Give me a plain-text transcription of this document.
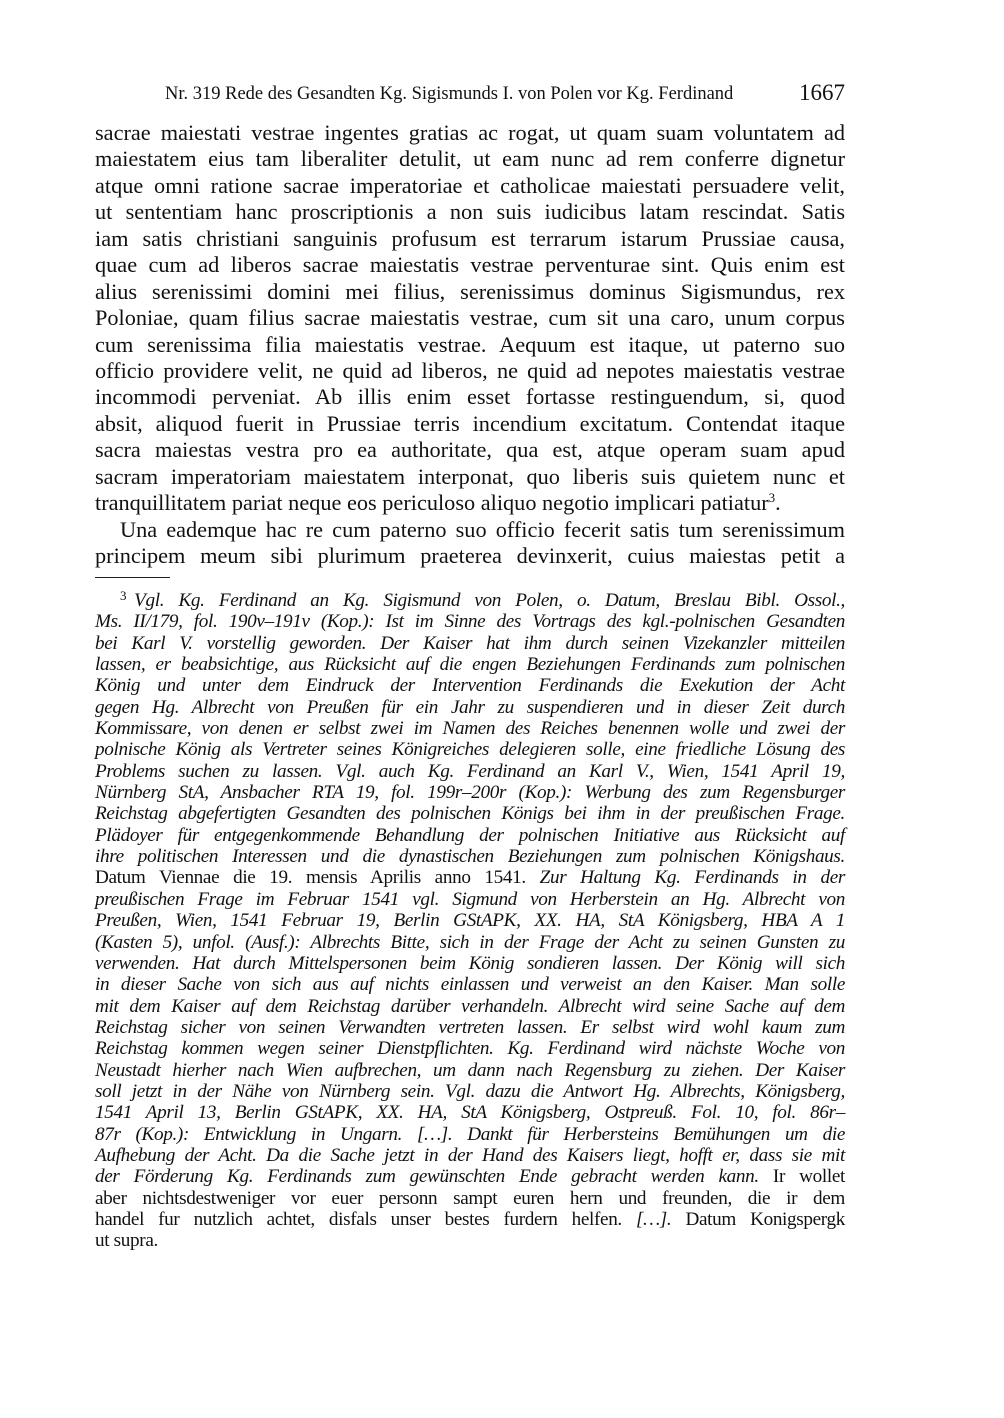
Nr. 319 Rede des Gesandten Kg. Sigismunds I. von Polen vor Kg. Ferdinand	1667
sacrae maiestati vestrae ingentes gratias ac rogat, ut quam suam voluntatem ad
maiestatem eius tam liberaliter detulit, ut eam nunc ad rem conferre dignetur
atque omni ratione sacrae imperatoriae et catholicae maiestati persuadere velit,
ut sententiam hanc proscriptionis a non suis iudicibus latam rescindat. Satis
iam satis christiani sanguinis profusum est terrarum istarum Prussiae causa,
quae cum ad liberos sacrae maiestatis vestrae perventurae sint. Quis enim est
alius serenissimi domini mei filius, serenissimus dominus Sigismundus, rex
Poloniae, quam filius sacrae maiestatis vestrae, cum sit una caro, unum corpus
cum serenissima filia maiestatis vestrae. Aequum est itaque, ut paterno suo
officio providere velit, ne quid ad liberos, ne quid ad nepotes maiestatis vestrae
incommodi perveniat. Ab illis enim esset fortasse restinguendum, si, quod
absit, aliquod fuerit in Prussiae terris incendium excitatum. Contendat itaque
sacra maiestas vestra pro ea authoritate, qua est, atque operam suam apud
sacram imperatoriam maiestatem interponat, quo liberis suis quietem nunc et
tranquillitatem pariat neque eos periculoso aliquo negotio implicari patiatur$^3$.
Una eademque hac re cum paterno suo officio fecerit satis tum serenissimum
principem meum sibi plurimum praeterea devinxerit, cuius maiestas petit a
$^3$ Vgl. Kg. Ferdinand an Kg. Sigismund von Polen, o. Datum, Breslau Bibl. Ossol.,
Ms. II/179, fol. 190v–191v (Kop.): Ist im Sinne des Vortrags des kgl.-polnischen Gesandten
bei Karl V. vorstellig geworden. Der Kaiser hat ihm durch seinen Vizekanzler mitteilen
lassen, er beabsichtige, aus Rücksicht auf die engen Beziehungen Ferdinands zum polnischen
König und unter dem Eindruck der Intervention Ferdinands die Exekution der Acht
gegen Hg. Albrecht von Preußen für ein Jahr zu suspendieren und in dieser Zeit durch
Kommissare, von denen er selbst zwei im Namen des Reiches benennen wolle und zwei der
polnische König als Vertreter seines Königreiches delegieren solle, eine friedliche Lösung des
Problems suchen zu lassen. Vgl. auch Kg. Ferdinand an Karl V., Wien, 1541 April 19,
Nürnberg StA, Ansbacher RTA 19, fol. 199r–200r (Kop.): Werbung des zum Regensburger
Reichstag abgefertigten Gesandten des polnischen Königs bei ihm in der preußischen Frage.
Plädoyer für entgegenkommende Behandlung der polnischen Initiative aus Rücksicht auf
ihre politischen Interessen und die dynastischen Beziehungen zum polnischen Königshaus.
Datum Viennae die 19. mensis Aprilis anno 1541. Zur Haltung Kg. Ferdinands in der
preußischen Frage im Februar 1541 vgl. Sigmund von Herberstein an Hg. Albrecht von
Preußen, Wien, 1541 Februar 19, Berlin GStAPK, XX. HA, StA Königsberg, HBA A 1
(Kasten 5), unfol. (Ausf.): Albrechts Bitte, sich in der Frage der Acht zu seinen Gunsten zu
verwenden. Hat durch Mittelspersonen beim König sondieren lassen. Der König will sich
in dieser Sache von sich aus auf nichts einlassen und verweist an den Kaiser. Man solle
mit dem Kaiser auf dem Reichstag darüber verhandeln. Albrecht wird seine Sache auf dem
Reichstag sicher von seinen Verwandten vertreten lassen. Er selbst wird wohl kaum zum
Reichstag kommen wegen seiner Dienstpflichten. Kg. Ferdinand wird nächste Woche von
Neustadt hierher nach Wien aufbrechen, um dann nach Regensburg zu ziehen. Der Kaiser
soll jetzt in der Nähe von Nürnberg sein. Vgl. dazu die Antwort Hg. Albrechts, Königsberg,
1541 April 13, Berlin GStAPK, XX. HA, StA Königsberg, Ostpreuß. Fol. 10, fol. 86r–
87r (Kop.): Entwicklung in Ungarn. […]. Dankt für Herbersteins Bemühungen um die
Aufhebung der Acht. Da die Sache jetzt in der Hand des Kaisers liegt, hofft er, dass sie mit
der Förderung Kg. Ferdinands zum gewünschten Ende gebracht werden kann. Ir wollet
aber nichtsdestweniger vor euer personn sampt euren hern und freunden, die ir dem
handel fur nutzlich achtet, disfals unser bestes furdern helfen. […]. Datum Konigspergk
ut supra.
